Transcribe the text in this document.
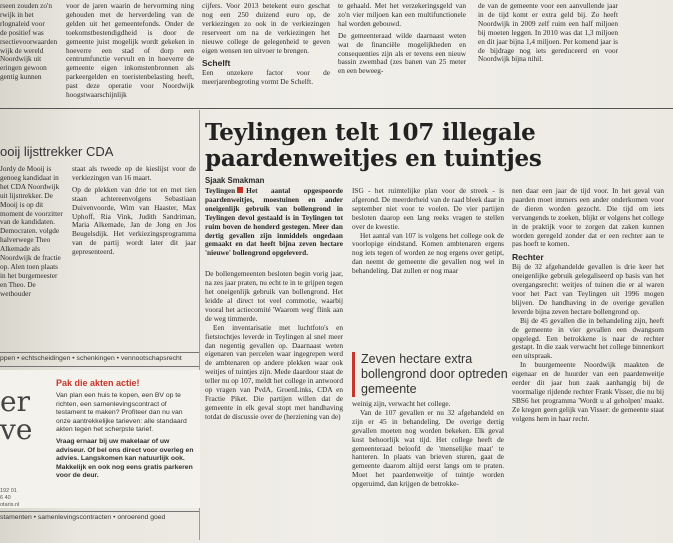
rseen zouden zo'n
rwijk in het
rlognaleid voor
de positief was
rsectievoorwaarden
wijk de wereld
Noordwijk uit
eringen gewoon
gentig kunnen

voor de jaren waarin de hervorming ning gehouden met de herverdeling van de gelden uit het gemeentefonds. Onder de toekomstbestendigdheid is door de gemeente juist mogelijk wordt gekeken in hoeverre een stad of dorp een centrumfunctie vervult en in hoeverre de gemeente eigen inkomstenbronnen als parkeergelden en toeristenbelasting heeft, past deze operatie voor Noordwijk hoogstwaarschijnlijk

cijfers. Voor 2013 betekent euro geschat nog een 250 duizend euro op, de verkiezingen zo ook in de verkiezingen reserveert om na de verkiezingen het nieuwe college de gelegenheid te geven eigen wensen ten uitvoer te brengen.

Schelft

Een onzekere factor voor de meerjarenbegroting vormt De Schelft.

te gehaald. Met het verzekeringsgeld van zo'n vier miljoen kan een multifunctionele hal worden gebouwd.

De gemeenteraad wilde daarnaast weten wat de financiële mogelijkheden en consequenties zijn als er tevens een nieuw bassin zwembad (zes banen van 25 meter en een beweeg-

de van de gemeente voor een aanvullende jaar in de tijd komt er extra geld bij. Zo heeft Noordwijk in 2009 zelf ruim een half miljoen bij moeten leggen. In 2010 was dat 1,3 miljoen en dit jaar bijna 1,4 miljoen. Per komend jaar is de bijdrage nog iets gereduceerd en voor Noordwijk bijna nihil.

ooij lijsttrekker CDA

Jordy de Mooij is genoeg kandidaat in het CDA Noordwijk uit lijsttrekker. De Mooij is op dit moment de voorzitter van de kandidaten. Democraten. volgde halverwege Theo Alkemade als Noordwijk de fractie op. Alen toen plaats in het burgemeester en Theo. De wethouder

staat als tweede op de kieslijst voor de verkiezingen van 16 maart.

Op de plekken van drie tot en met tien staan achtereenvolgens Sebastiaan Duivenvoorde, Wim van Haaster, Max Uphoff, Ria Vink, Judith Sandriman, Maria Alkemade, Jan de Jong en Jos Beugelsdijk. Het verkiezingsprogramma van de partij wordt later dit jaar gepresenteerd.

ppen • echtscheidingen • schenkingen • vennootschapsrecht
er
ve
Pak die akten actie!

Van plan een huis te kopen, een BV op te richten, een samenlevingscontract of testament te maken? Profiteer dan nu van onze aantrekkelijke tarieven: alle standaard akten tegen het scherpste tarief.

Vraag ernaar bij uw makelaar of uw adviseur. Of bel ons direct voor overleg en advies. Langskomen kan natuurlijk ook. Makkelijk en ook nog eens gratis parkeren voor de deur.

192 01
6 40
otaris.nl
stamenten • samenlevingscontracten • onroerend goed
Teylingen telt 107 illegale
paardenweitjes en tuintjes
Sjaak Smakman

Teylingen Het aantal opgespoorde paardenweitjes, moestuinen en ander oneigenlijk gebruik van bollengrond in Teylingen devol gestaald is in Teylingen tot ruim boven de honderd gestegen. Meer dan dertig gevallen zijn inmiddels ongedaan gemaakt en dat heeft bijna zeven hectare 'nieuwe' bollengrond opgeleverd.

De bollengemeenten besloten begin vorig jaar, na zes jaar praten, nu echt te in te grijpen tegen het oneigenlijk gebruik van bollengrond. Het leidde al direct tot veel commotie, waarbij vooral het actiecomité 'Waarom weg' flink aan de weg timmerde.

Een inventarisatie met luchtfoto's en fietstochtjes leverde in Teylingen al snel meer dan negentig gevallen op. Daarnaast weten eigenaren van percelen waar ingegrepen werd de ambtenaren op andere plekken waar ook weitjes of tuintjes zijn. Mede daardoor staat de teller nu op 107, meldt het college in antwoord op vragen van PvdA, GroenLinks, CDA en Fractie Piket. Die partijen willen dat de gemeente in elk geval stopt met handhaving totdat de discussie over de (herziening van de)

ISG - het ruimtelijke plan voor de streek - is afgerond. De meerderheid van de raad bleek daar in september niet voor te voelen. De vier partijen besloten daarop een lang reeks vragen te stellen over de kwestie.

Het aantal van 107 is volgens het college ook de voorlopige eindstand. Komen ambtenaren ergens nog iets tegen of worden ze nog ergens over getipt, dan neemt de gemeente die gevallen nog wel in behandeling. Dat zullen er nog maar

Zeven hectare extra bollengrond door optreden gemeente

weinig zijn, verwacht het college.

Van de 107 gevallen er nu 32 afgehandeld en zijn er 45 in behandeling. De overige dertig gevallen moeten nog worden bekeken. Elk geval kost behoorlijk wat tijd. Het college heeft de gemeenteraad beloofd de 'menselijke maat' te hanteren. In plaats van brieven sturen, gaat de gemeente daarom altijd eerst langs om te praten. Moet het paardenweitje of tuintje worden opgeruimd, dan krijgen de betrokke-

nen daar een jaar de tijd voor. In het geval van paarden moet immers een ander onderkomen voor de dieren worden gezocht. Die tijd om iets vervangends te zoeken, blijkt er volgens het college in de praktijk voor te zorgen dat zaken kunnen worden geregeld zonder dat er een rechter aan te pas hoeft te komen.

Rechter

Bij de 32 afgehandelde gevallen is drie keer het oneigenlijke gebruik gelegaliseerd op basis van het overgangsrecht: weitjes of tuinen die er al waren voor het Pact van Teylingen uit 1996 mogen blijven. De handhaving in de overige gevallen leverde bijna zeven hectare bollengrond op.

Bij de 45 gevallen die in behandeling zijn, heeft de gemeente in vier gevallen een dwangsom opgelegd. Een betrokkene is naar de rechter gestapt. In die zaak verwacht het college binnenkort een uitspraak.

In buurgemeente Noordwijk maakten de eigenaar en de huurder van een paardenweitje eerder dit jaar hun zaak aanhangig bij de voormalige rijdende rechter Frank Visser, die nu bij SBS6 het programma 'Wordt u al geholpen' maakt. Ze kregen geen gelijk van Visser: de gemeente staat volgens hem in haar recht.
